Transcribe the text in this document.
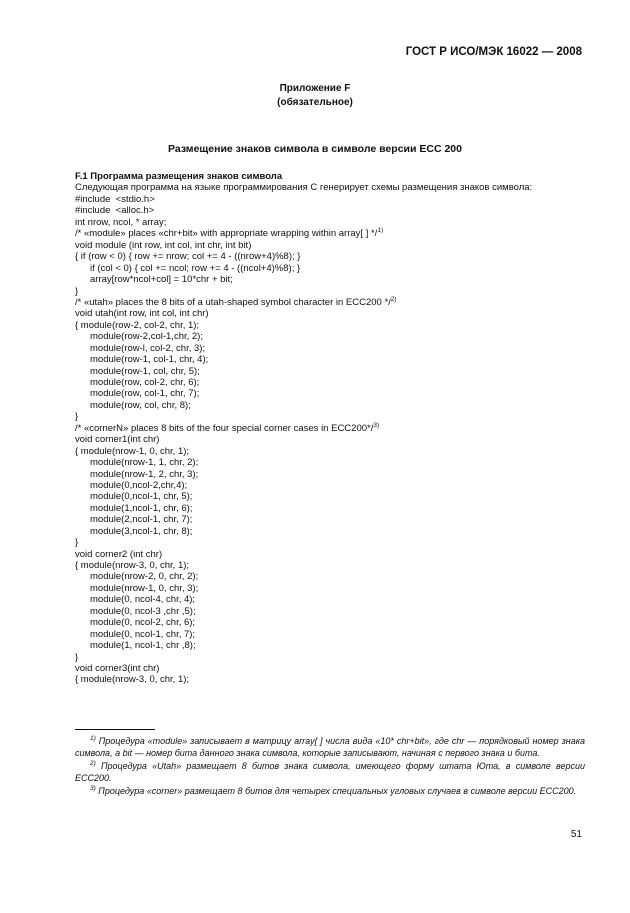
ГОСТ Р ИСО/МЭК 16022 — 2008
Приложение F
(обязательное)
Размещение знаков символа в символе версии ЕСС 200
F.1 Программа размещения знаков символа
Следующая программа на языке программирования С генерирует схемы размещения знаков символа:
#include  <stdio.h>
#include  <alloc.h>
int nrow, ncol, * array;
/* «module» places «chr+bit» with appropriate wrapping within array[ ] */$^{1)}$
void module (int row, int col, int chr, int bit)
{ if (row < 0) { row += nrow; col += 4 - ((nrow+4)%8); }
if (col < 0) { col += ncol; row += 4 - ((ncol+4)%8); }
array[row*ncol+col] = 10*chr + bit;
}
/* «utah» places the 8 bits of a utah-shaped symbol character in ECC200 */$^{2)}$
void utah(int row, int col, int chr)
{ module(row-2, col-2, chr, 1);
module(row-2,col-1,chr, 2);
module(row-l, col-2, chr, 3);
module(row-1, col-1, chr, 4);
module(row-1, col, chr, 5);
module(row, col-2, chr, 6);
module(row, col-1, chr, 7);
module(row, col, chr, 8);
}
/* «cornerN» places 8 bits of the four special corner cases in ECC200*/$^{3)}$
void corner1(int chr)
{ module(nrow-1, 0, chr, 1);
module(nrow-1, 1, chr, 2);
module(nrow-1, 2, chr, 3);
module(0,ncol-2,chr,4);
module(0,ncol-1, chr, 5);
module(1,ncol-1, chr, 6);
module(2,ncol-1, chr, 7);
module(3,ncol-1, chr, 8);
}
void corner2 (int chr)
{ module(nrow-3, 0, chr, 1);
module(nrow-2, 0, chr, 2);
module(nrow-1, 0, chr, 3);
module(0, ncol-4, chr, 4);
module(0, ncol-3 ,chr ,5);
module(0, ncol-2, chr, 6);
module(0, ncol-1, chr, 7);
module(1, ncol-1, chr ,8);
}
void corner3(int chr)
{ module(nrow-3, 0, chr, 1);
$^{1)}$ Процедура «module» записывает в матрицу array[ ] числа вида «10* chr+bit», где chr — порядковый номер знака символа, а bit — номер бита данного знака символа, которые записывают, начиная с первого знака и бита.
$^{2)}$ Процедура «Utah» размещает 8 битов знака символа, имеющего форму штата Юта, в символе версии ЕСС200.
$^{3)}$ Процедура «corner» размещает 8 битов для четырех специальных угловых случаев в символе версии ЕСС200.
51
